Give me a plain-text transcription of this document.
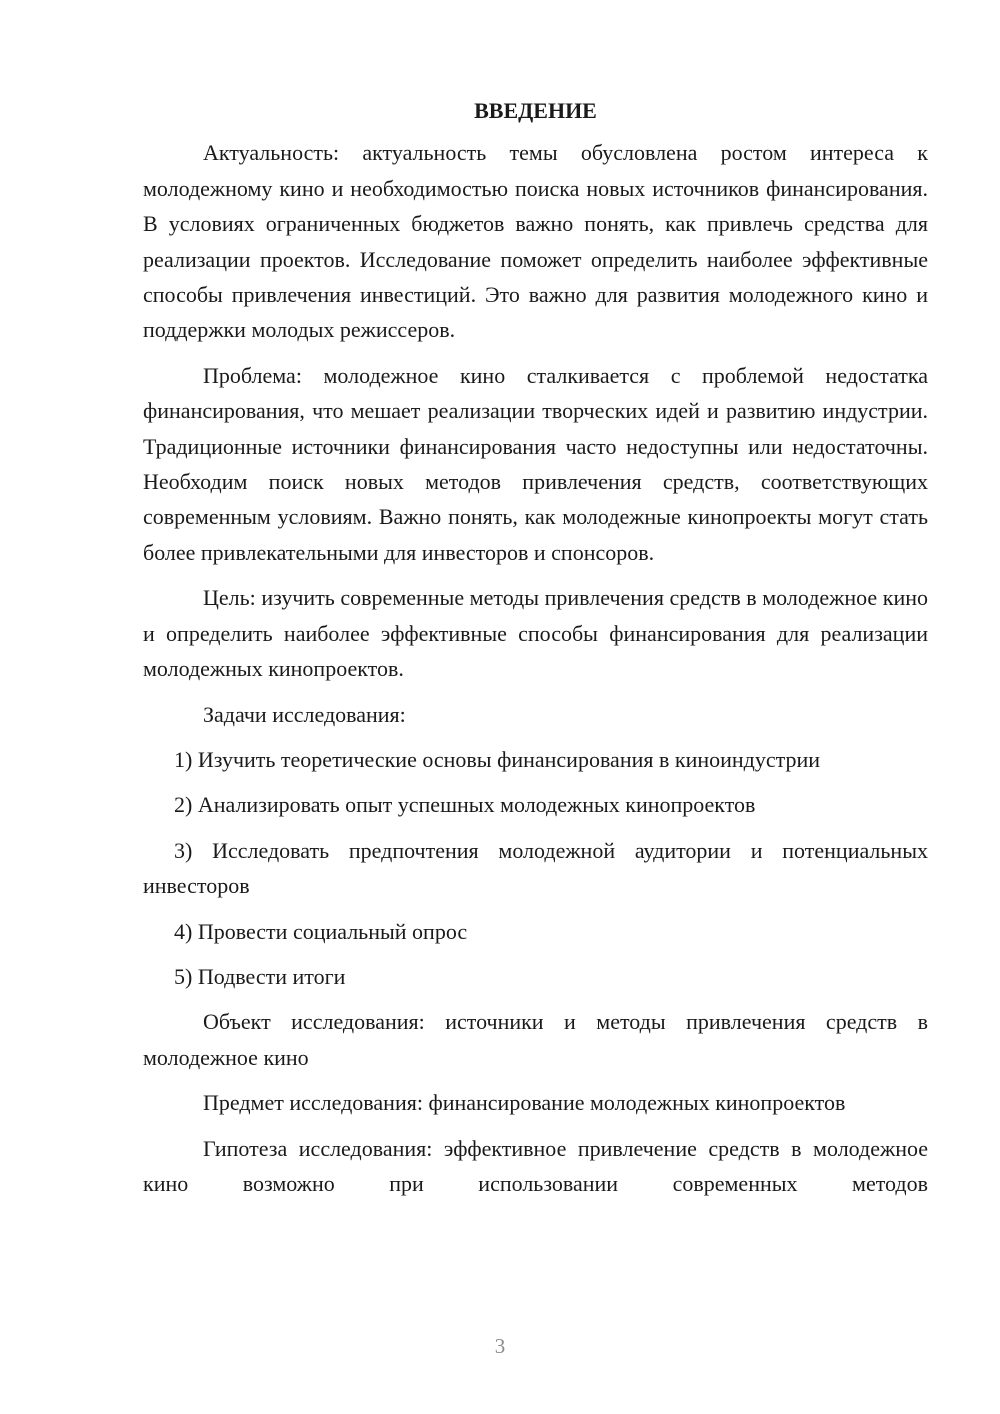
ВВЕДЕНИЕ

Актуальность: актуальность темы обусловлена ростом интереса к молодежному кино и необходимостью поиска новых источников финансирования. В условиях ограниченных бюджетов важно понять, как привлечь средства для реализации проектов. Исследование поможет определить наиболее эффективные способы привлечения инвестиций. Это важно для развития молодежного кино и поддержки молодых режиссеров.

Проблема: молодежное кино сталкивается с проблемой недостатка финансирования, что мешает реализации творческих идей и развитию индустрии. Традиционные источники финансирования часто недоступны или недостаточны. Необходим поиск новых методов привлечения средств, соответствующих современным условиям. Важно понять, как молодежные кинопроекты могут стать более привлекательными для инвесторов и спонсоров.

Цель: изучить современные методы привлечения средств в молодежное кино и определить наиболее эффективные способы финансирования для реализации молодежных кинопроектов.

Задачи исследования:

1) Изучить теоретические основы финансирования в киноиндустрии

2) Анализировать опыт успешных молодежных кинопроектов

3) Исследовать предпочтения молодежной аудитории и потенциальных инвесторов

4) Провести социальный опрос

5) Подвести итоги

Объект исследования: источники и методы привлечения средств в молодежное кино

Предмет исследования: финансирование молодежных кинопроектов

Гипотеза исследования: эффективное привлечение средств в молодежное кино возможно при использовании современных методов

3
